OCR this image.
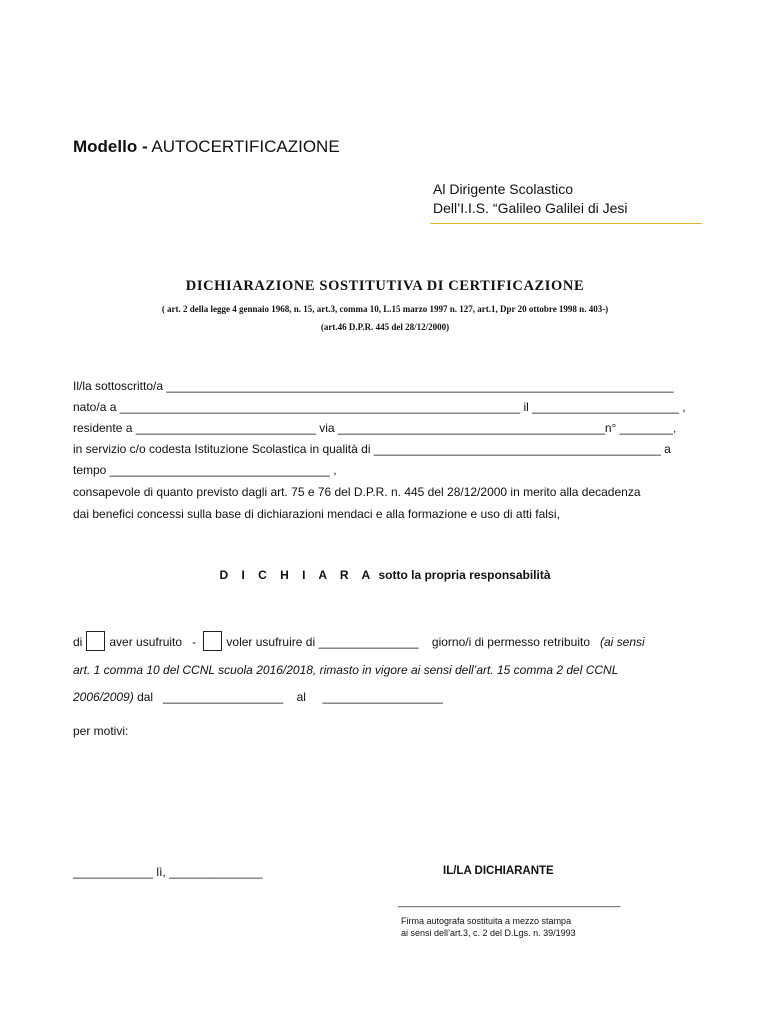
Modello - AUTOCERTIFICAZIONE
Al Dirigente Scolastico
Dell’I.I.S. “Galileo Galilei di Jesi
DICHIARAZIONE SOSTITUTIVA DI CERTIFICAZIONE
( art. 2 della legge 4 gennaio 1968, n. 15, art.3, comma 10, L.15 marzo 1997 n. 127, art.1, Dpr 20 ottobre 1998 n. 403-)
(art.46 D.P.R. 445 del 28/12/2000)
Il/la sottoscritto/a ____________________________________________________________________________
nato/a a ____________________________________________________________ il ______________________ ,
residente a ___________________________ via ________________________________________n° ________,
in servizio c/o codesta Istituzione Scolastica in qualità di ___________________________________________ a
tempo _________________________________ ,
consapevole di quanto previsto dagli art. 75 e 76 del D.P.R. n. 445 del 28/12/2000 in merito alla decadenza
dai benefici concessi sulla base di dichiarazioni mendaci e alla formazione e uso di atti falsi,
D I C H I A R A sotto la propria responsabilità
di aver usufruito -	voler usufruire di _______________ giorno/i di permesso retribuito (ai sensi
art. 1 comma 10 del CCNL scuola 2016/2018, rimasto in vigore ai sensi dell’art. 15 comma 2 del CCNL
2006/2009) dal __________________ al __________________
per motivi:
____________ lì, ______________	IL/LA DICHIARANTE
________________________________________
Firma autografa sostituita a mezzo stampa
ai sensi dell’art.3, c. 2 del D.Lgs. n. 39/1993
